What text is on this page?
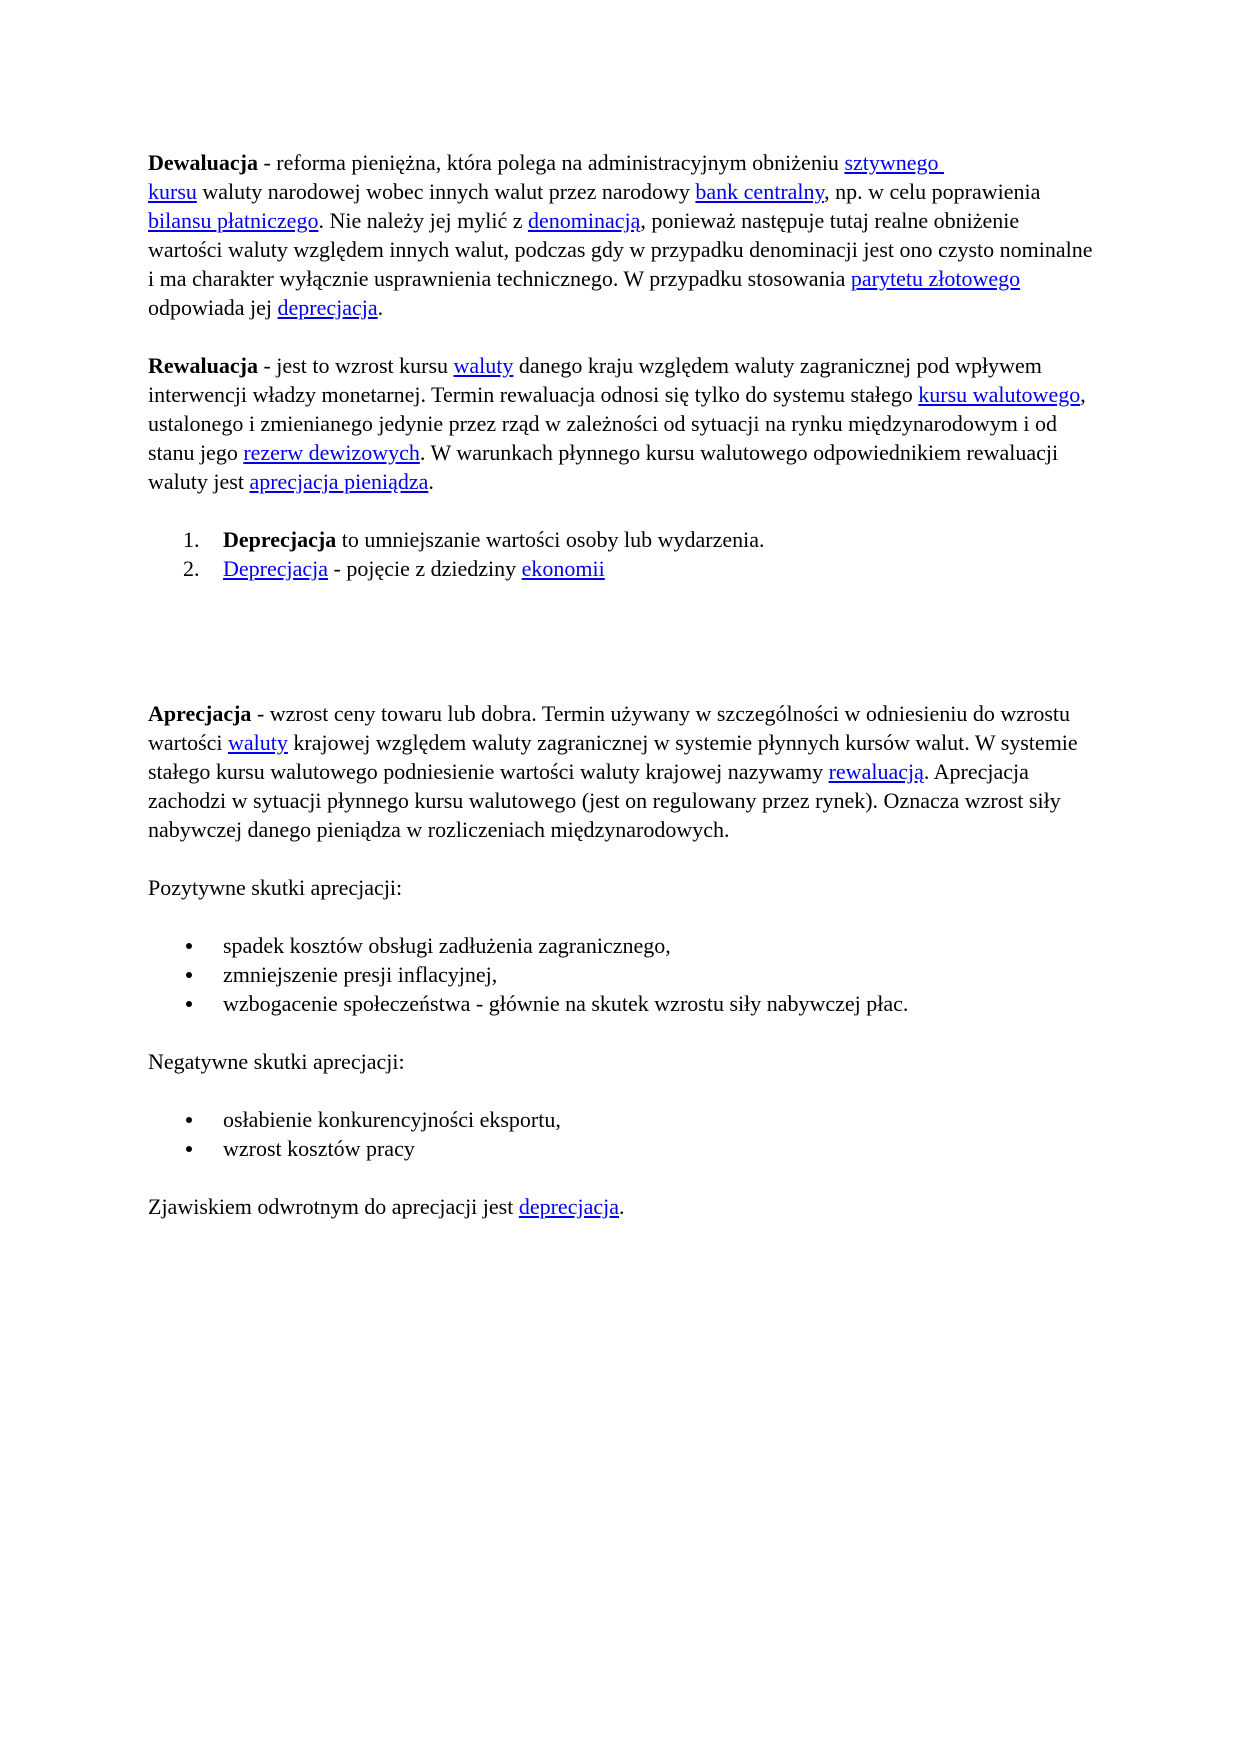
Dewaluacja - reforma pieniężna, która polega na administracyjnym obniżeniu sztywnego
kursu waluty narodowej wobec innych walut przez narodowy bank centralny, np. w celu poprawienia bilansu płatniczego. Nie należy jej mylić z denominacją, ponieważ następuje tutaj realne obniżenie wartości waluty względem innych walut, podczas gdy w przypadku denominacji jest ono czysto nominalne i ma charakter wyłącznie usprawnienia technicznego. W przypadku stosowania parytetu złotowego odpowiada jej deprecjacja.

Rewaluacja - jest to wzrost kursu waluty danego kraju względem waluty zagranicznej pod wpływem interwencji władzy monetarnej. Termin rewaluacja odnosi się tylko do systemu stałego kursu walutowego, ustalonego i zmienianego jedynie przez rząd w zależności od sytuacji na rynku międzynarodowym i od stanu jego rezerw dewizowych. W warunkach płynnego kursu walutowego odpowiednikiem rewaluacji waluty jest aprecjacja pieniądza.

1. Deprecjacja to umniejszanie wartości osoby lub wydarzenia.
2. Deprecjacja - pojęcie z dziedziny ekonomii

Aprecjacja - wzrost ceny towaru lub dobra. Termin używany w szczególności w odniesieniu do wzrostu wartości waluty krajowej względem waluty zagranicznej w systemie płynnych kursów walut. W systemie stałego kursu walutowego podniesienie wartości waluty krajowej nazywamy rewaluacją. Aprecjacja zachodzi w sytuacji płynnego kursu walutowego (jest on regulowany przez rynek). Oznacza wzrost siły nabywczej danego pieniądza w rozliczeniach międzynarodowych.

Pozytywne skutki aprecjacji:

spadek kosztów obsługi zadłużenia zagranicznego,
zmniejszenie presji inflacyjnej,
wzbogacenie społeczeństwa - głównie na skutek wzrostu siły nabywczej płac.

Negatywne skutki aprecjacji:

osłabienie konkurencyjności eksportu,
wzrost kosztów pracy

Zjawiskiem odwrotnym do aprecjacji jest deprecjacja.
